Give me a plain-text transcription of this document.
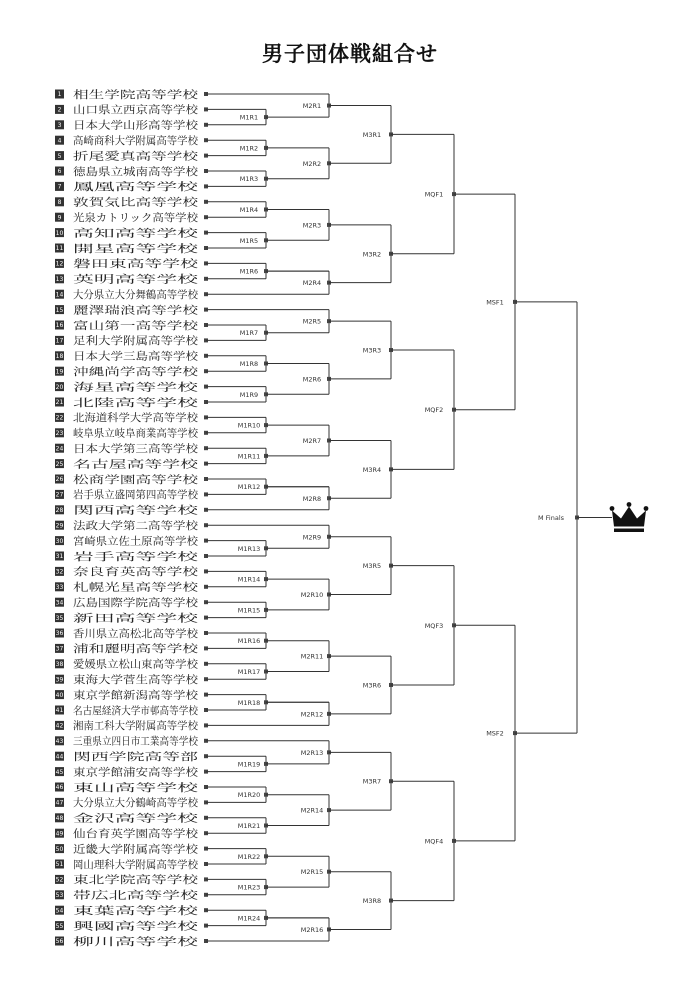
男子団体戦組合せ
1 相生学院高等学校
2 山口県立西京高等学校
3 日本大学山形高等学校
4 高崎商科大学附属高等学校
5 折尾愛真高等学校
6 徳島県立城南高等学校
7 鳳凰高等学校
8 敦賀気比高等学校
9 光泉カトリック高等学校
10 高知高等学校
11 開星高等学校
12 磐田東高等学校
13 英明高等学校
14 大分県立大分舞鶴高等学校
15 麗澤瑞浪高等学校
16 富山第一高等学校
17 足利大学附属高等学校
18 日本大学三島高等学校
19 沖縄尚学高等学校
20 海星高等学校
21 北陸高等学校
22 北海道科学大学高等学校
23 岐阜県立岐阜商業高等学校
24 日本大学第三高等学校
25 名古屋高等学校
26 松商学園高等学校
27 岩手県立盛岡第四高等学校
28 関西高等学校
29 法政大学第二高等学校
30 宮崎県立佐土原高等学校
31 岩手高等学校
32 奈良育英高等学校
33 札幌光星高等学校
34 広島国際学院高等学校
35 新田高等学校
36 香川県立高松北高等学校
37 浦和麗明高等学校
38 愛媛県立松山東高等学校
39 東海大学菅生高等学校
40 東京学館新潟高等学校
41 名古屋経済大学市邨高等学校
42 湘南工科大学附属高等学校
43 三重県立四日市工業高等学校
44 関西学院高等部
45 東京学館浦安高等学校
46 東山高等学校
47 大分県立大分鶴崎高等学校
48 金沢高等学校
49 仙台育英学園高等学校
50 近畿大学附属高等学校
51 岡山理科大学附属高等学校
52 東北学院高等学校
53 帯広北高等学校
54 東葉高等学校
55 興國高等学校
56 柳川高等学校
M1R1
M1R2
M1R3
M1R4
M1R5
M1R6
M1R7
M1R8
M1R9
M1R10
M1R11
M1R12
M1R13
M1R14
M1R15
M1R16
M1R17
M1R18
M1R19
M1R20
M1R21
M1R22
M1R23
M1R24
M2R1
M2R2
M2R3
M2R4
M2R5
M2R6
M2R7
M2R8
M2R9
M2R10
M2R11
M2R12
M2R13
M2R14
M2R15
M2R16
M3R1
M3R2
M3R3
M3R4
M3R5
M3R6
M3R7
M3R8
MQF1
MQF2
MQF3
MQF4
MSF1
MSF2
M Finals
